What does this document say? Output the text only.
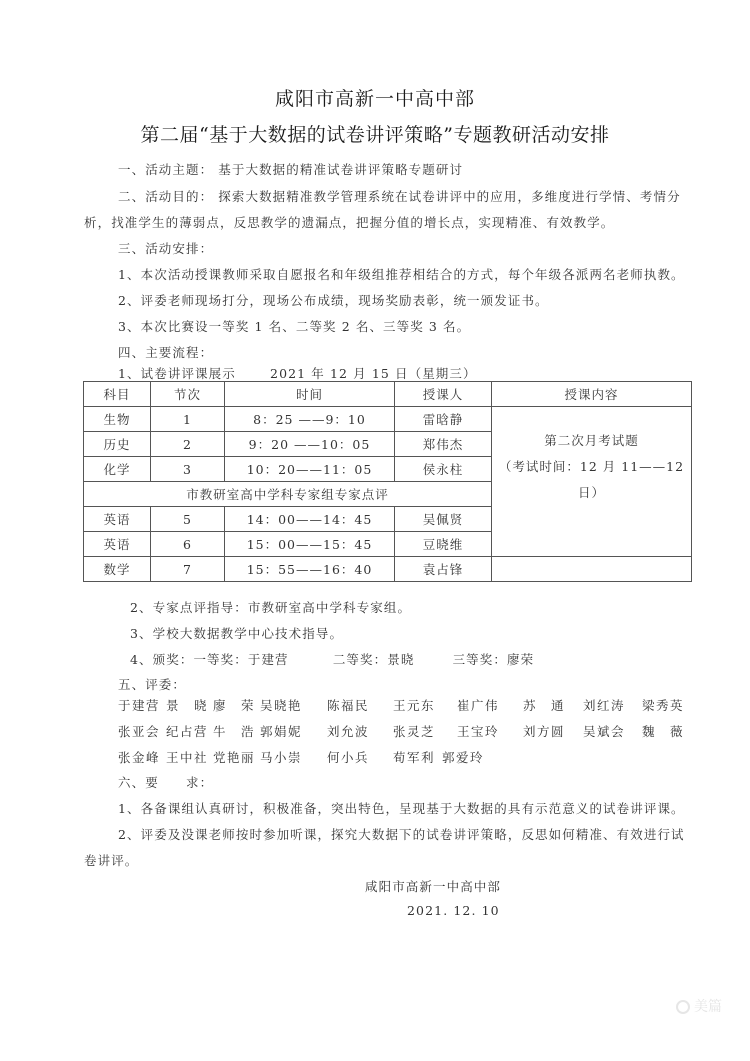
咸阳市高新一中高中部
第二届“基于大数据的试卷讲评策略”专题教研活动安排
一、活动主题： 基于大数据的精准试卷讲评策略专题研讨
二、活动目的： 探索大数据精准教学管理系统在试卷讲评中的应用，多维度进行学情、考情分
析，找准学生的薄弱点，反思教学的遗漏点，把握分值的增长点，实现精准、有效教学。
三、活动安排：
1、本次活动授课教师采取自愿报名和年级组推荐相结合的方式，每个年级各派两名老师执教。
2、评委老师现场打分，现场公布成绩，现场奖励表彰，统一颁发证书。
3、本次比赛设一等奖 1 名、二等奖 2 名、三等奖 3 名。
四、主要流程：
1、试卷讲评课展示	2021 年 12 月 15 日（星期三）
科目	节次	时间	授课人	授课内容
生物	1	8：25 ——9：10	雷晗静	第二次月考试题
（考试时间：12 月 11——12 日）

历史	2	9：20 ——10：05	郑伟杰	
化学	3	10：20——11：05	侯永柱	
市教研室高中学科专家组专家点评				
英语	5	14：00——14：45	吴佩贤	
英语	6	15：00——15：45	豆晓维	
数学	7	15：55——16：40	袁占锋	
2、专家点评指导：市教研室高中学科专家组。
3、学校大数据教学中心技术指导。
4、颁奖：一等奖：于建营	二等奖：景晓	三等奖：廖荣
五、评委：
于建营 景　晓 廖　荣 吴晓艳 陈福民 王元东 崔广伟 苏　通 刘红涛 梁秀英
张亚会 纪占营 牛　浩 郭娟妮 刘允波 张灵芝 王宝玲 刘方圆 吴斌会 魏　薇
张金峰 王中社 党艳丽 马小崇 何小兵 荀军利 郭爱玲
六、要　　求：
1、各备课组认真研讨，积极准备，突出特色，呈现基于大数据的具有示范意义的试卷讲评课。
2、评委及没课老师按时参加听课，探究大数据下的试卷讲评策略，反思如何精准、有效进行试
卷讲评。
咸阳市高新一中高中部
2021. 12. 10
美篇
